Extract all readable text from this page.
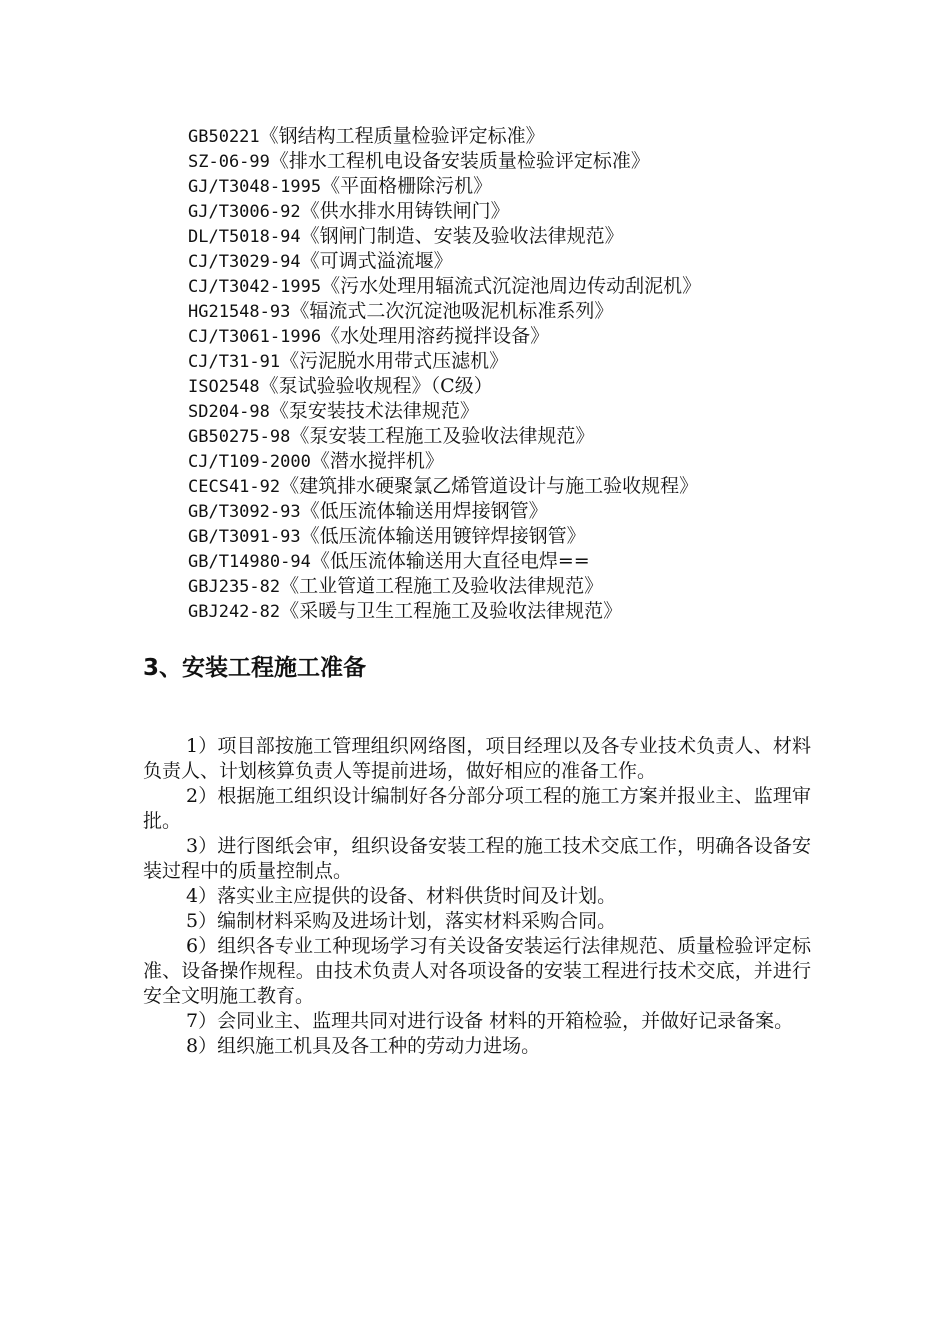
GB50221《钢结构工程质量检验评定标准》
SZ-06-99《排水工程机电设备安装质量检验评定标准》
GJ/T3048-1995《平面格栅除污机》
GJ/T3006-92《供水排水用铸铁闸门》
DL/T5018-94《钢闸门制造、安装及验收法律规范》
CJ/T3029-94《可调式溢流堰》
CJ/T3042-1995《污水处理用辐流式沉淀池周边传动刮泥机》
HG21548-93《辐流式二次沉淀池吸泥机标准系列》
CJ/T3061-1996《水处理用溶药搅拌设备》
CJ/T31-91《污泥脱水用带式压滤机》
ISO2548《泵试验验收规程》（C级）
SD204-98《泵安装技术法律规范》
GB50275-98《泵安装工程施工及验收法律规范》
CJ/T109-2000《潜水搅拌机》
CECS41-92《建筑排水硬聚氯乙烯管道设计与施工验收规程》
GB/T3092-93《低压流体输送用焊接钢管》
GB/T3091-93《低压流体输送用镀锌焊接钢管》
GB/T14980-94《低压流体输送用大直径电焊==
GBJ235-82《工业管道工程施工及验收法律规范》
GBJ242-82《采暖与卫生工程施工及验收法律规范》
3、安装工程施工准备

1）项目部按施工管理组织网络图，项目经理以及各专业技术负责人、材料负责人、计划核算负责人等提前进场，做好相应的准备工作。

2）根据施工组织设计编制好各分部分项工程的施工方案并报业主、监理审批。

3）进行图纸会审，组织设备安装工程的施工技术交底工作，明确各设备安装过程中的质量控制点。

4）落实业主应提供的设备、材料供货时间及计划。

5）编制材料采购及进场计划，落实材料采购合同。

6）组织各专业工种现场学习有关设备安装运行法律规范、质量检验评定标准、设备操作规程。由技术负责人对各项设备的安装工程进行技术交底，并进行安全文明施工教育。

7）会同业主、监理共同对进行设备 材料的开箱检验，并做好记录备案。

8）组织施工机具及各工种的劳动力进场。
